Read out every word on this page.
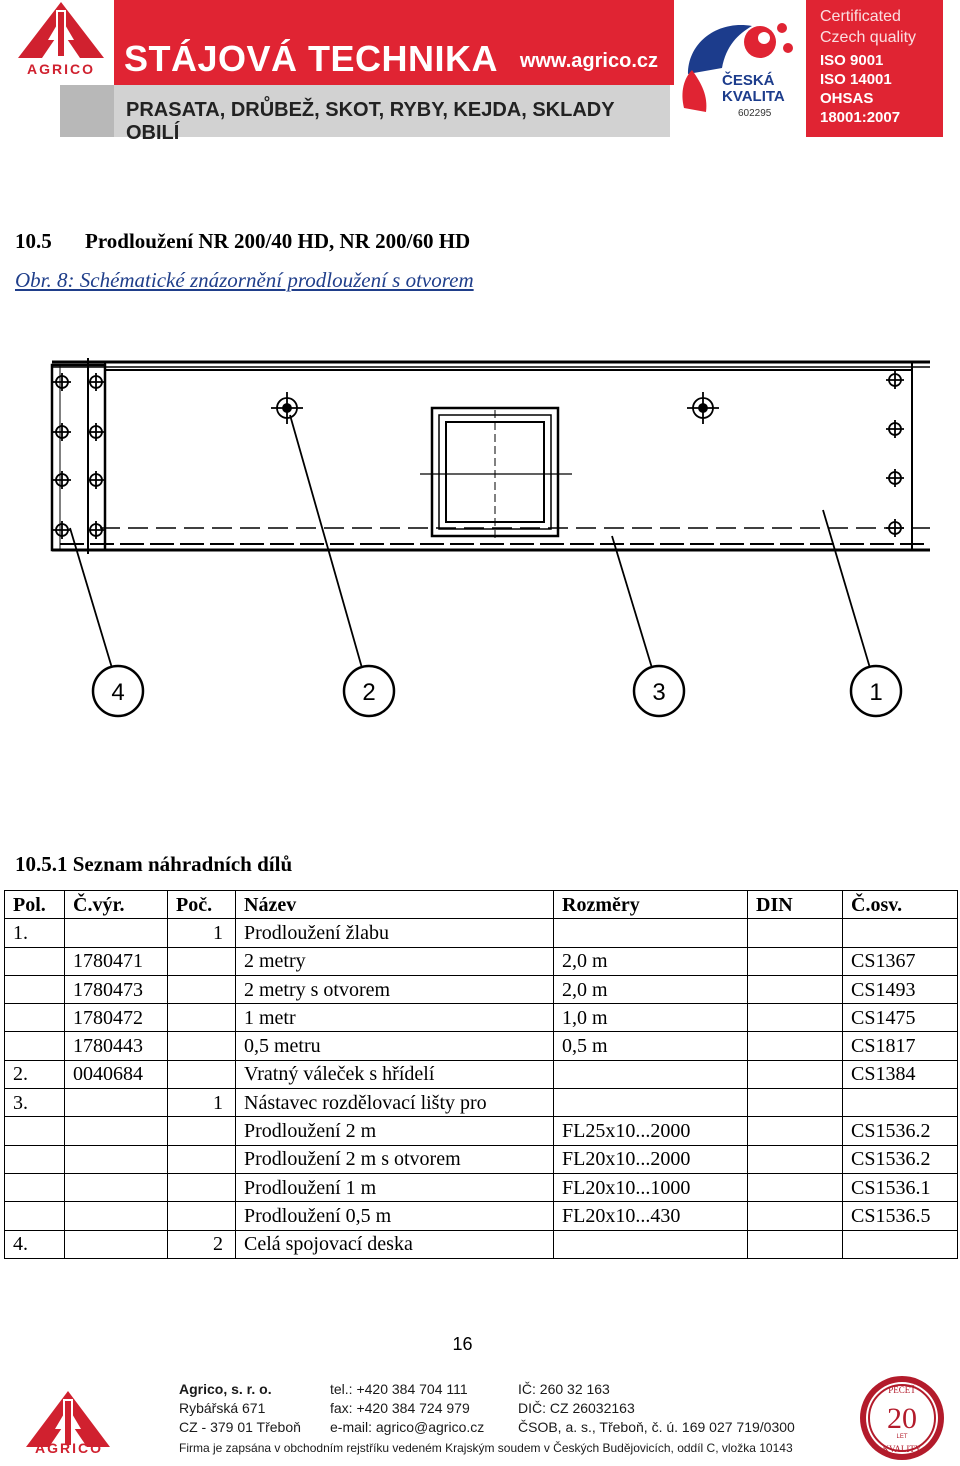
AGRICO STÁJOVÁ TECHNIKA www.agrico.cz
PRASATA, DRŮBEŽ, SKOT, RYBY, KEJDA, SKLADY OBILÍ
ČESKÁ
KVALITA
602295
Certificated
Czech quality
ISO 9001
ISO 14001
OHSAS
18001:2007
10.5 Prodloužení NR 200/40 HD, NR 200/60 HD
Obr. 8: Schématické znázornění prodloužení s otvorem
4	2	3	1
10.5.1 Seznam náhradních dílů
Pol.	Č.výr.	Poč.	Název	Rozměry	DIN	Č.osv.
1.		1	Prodloužení žlabu			
	1780471		2 metry	2,0 m		CS1367
	1780473		2 metry s otvorem	2,0 m		CS1493
	1780472		1 metr	1,0 m		CS1475
	1780443		0,5 metru	0,5 m		CS1817
2.	0040684		Vratný váleček s hřídelí			CS1384
3.		1	Nástavec rozdělovací lišty pro			
			Prodloužení 2 m	FL25x10...2000		CS1536.2
			Prodloužení 2 m s otvorem	FL20x10...2000		CS1536.2
			Prodloužení 1 m	FL20x10...1000		CS1536.1
			Prodloužení 0,5 m	FL20x10...430		CS1536.5
4.		2	Celá spojovací deska			
16
AGRICO
Agrico, s. r. o.
Rybářská 671
CZ - 379 01 Třeboň
tel.: +420 384 704 111
fax: +420 384 724 979
e-mail: agrico@agrico.cz
IČ: 260 32 163
DIČ: CZ 26032163
ČSOB, a. s., Třeboň, č. ú. 169 027 719/0300
Firma je zapsána v obchodním rejstříku vedeném Krajským soudem v Českých Budějovicích, oddíl C, vložka 10143
PEČEŤ
20
LET
KVALITY
